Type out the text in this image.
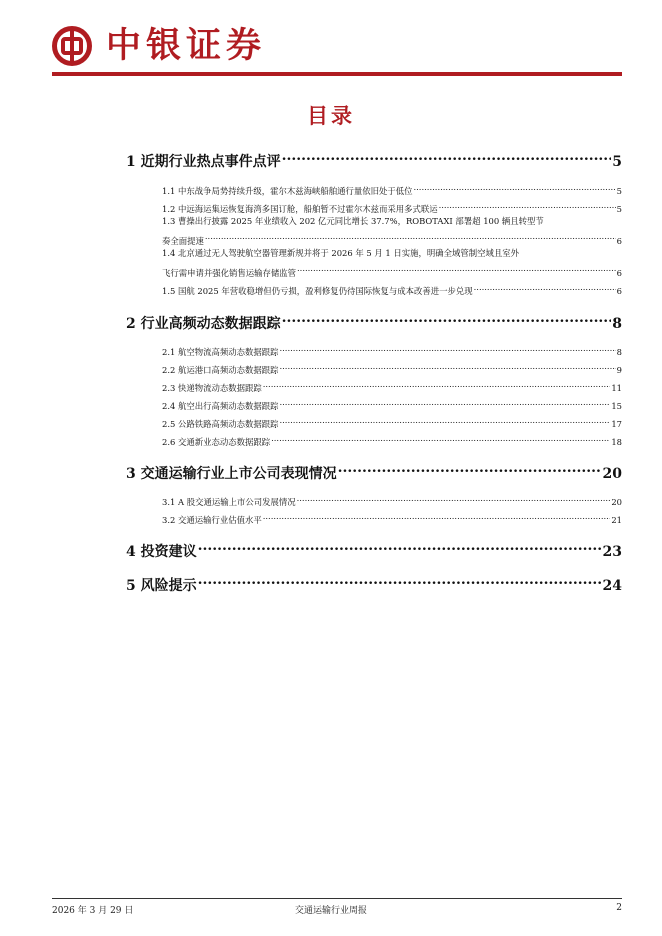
中银证券
目录
1 近期行业热点事件点评 .....	5
1.1 中东战争局势持续升级，霍尔木兹海峡船舶通行量依旧处于低位 .....	5
1.2 中远海运集运恢复海湾多国订舱，船舶暂不过霍尔木兹而采用多式联运 .....	5
1.3 曹操出行披露 2025 年业绩收入 202 亿元同比增长 37.7%，ROBOTAXI 部署超 100 辆且转型节
奏全面提速 .....	6
1.4 北京通过无人驾驶航空器管理新规并将于 2026 年 5 月 1 日实施，明确全域管制空域且室外
飞行需申请并强化销售运输存储监管 .....	6
1.5 国航 2025 年营收稳增但仍亏损，盈利修复仍待国际恢复与成本改善进一步兑现 .....	6
2 行业高频动态数据跟踪 .....	8
2.1 航空物流高频动态数据跟踪 .....	8
2.2 航运港口高频动态数据跟踪 .....	9
2.3 快递物流动态数据跟踪 .....	11
2.4 航空出行高频动态数据跟踪 .....	15
2.5 公路铁路高频动态数据跟踪 .....	17
2.6 交通新业态动态数据跟踪 .....	18
3 交通运输行业上市公司表现情况 .....	20
3.1 A 股交通运输上市公司发展情况 .....	20
3.2 交通运输行业估值水平 .....	21
4 投资建议 .....	23
5 风险提示 .....	24
2026 年 3 月 29 日	交通运输行业周报	2
